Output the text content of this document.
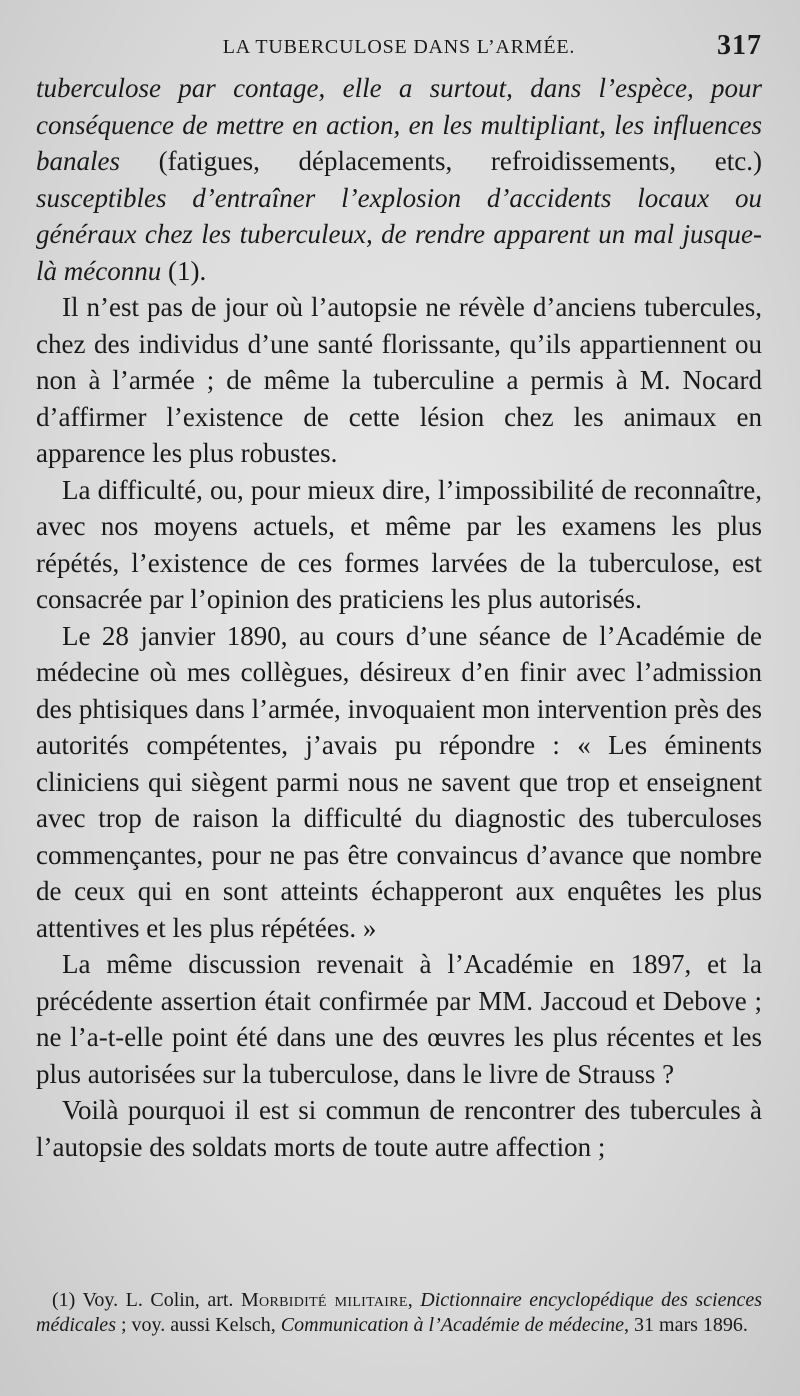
LA TUBERCULOSE DANS L’ARMÉE.	317

tuberculose par contage, elle a surtout, dans l’espèce, pour conséquence de mettre en action, en les multipliant, les influences banales (fatigues, déplacements, refroidissements, etc.) susceptibles d’entraîner l’explosion d’accidents locaux ou généraux chez les tuberculeux, de rendre apparent un mal jusque-là méconnu (1).

Il n’est pas de jour où l’autopsie ne révèle d’anciens tubercules, chez des individus d’une santé florissante, qu’ils appartiennent ou non à l’armée ; de même la tuberculine a permis à M. Nocard d’affirmer l’existence de cette lésion chez les animaux en apparence les plus robustes.

La difficulté, ou, pour mieux dire, l’impossibilité de reconnaître, avec nos moyens actuels, et même par les examens les plus répétés, l’existence de ces formes larvées de la tuberculose, est consacrée par l’opinion des praticiens les plus autorisés.

Le 28 janvier 1890, au cours d’une séance de l’Académie de médecine où mes collègues, désireux d’en finir avec l’admission des phtisiques dans l’armée, invoquaient mon intervention près des autorités compétentes, j’avais pu répondre : « Les éminents cliniciens qui siègent parmi nous ne savent que trop et enseignent avec trop de raison la difficulté du diagnostic des tuberculoses commençantes, pour ne pas être convaincus d’avance que nombre de ceux qui en sont atteints échapperont aux enquêtes les plus attentives et les plus répétées. »

La même discussion revenait à l’Académie en 1897, et la précédente assertion était confirmée par MM. Jaccoud et Debove ; ne l’a-t-elle point été dans une des œuvres les plus récentes et les plus autorisées sur la tuberculose, dans le livre de Strauss ?

Voilà pourquoi il est si commun de rencontrer des tubercules à l’autopsie des soldats morts de toute autre affection ;

(1) Voy. L. Colin, art. Morbidité militaire, Dictionnaire encyclopédique des sciences médicales ; voy. aussi Kelsch, Communication à l’Académie de médecine, 31 mars 1896.
